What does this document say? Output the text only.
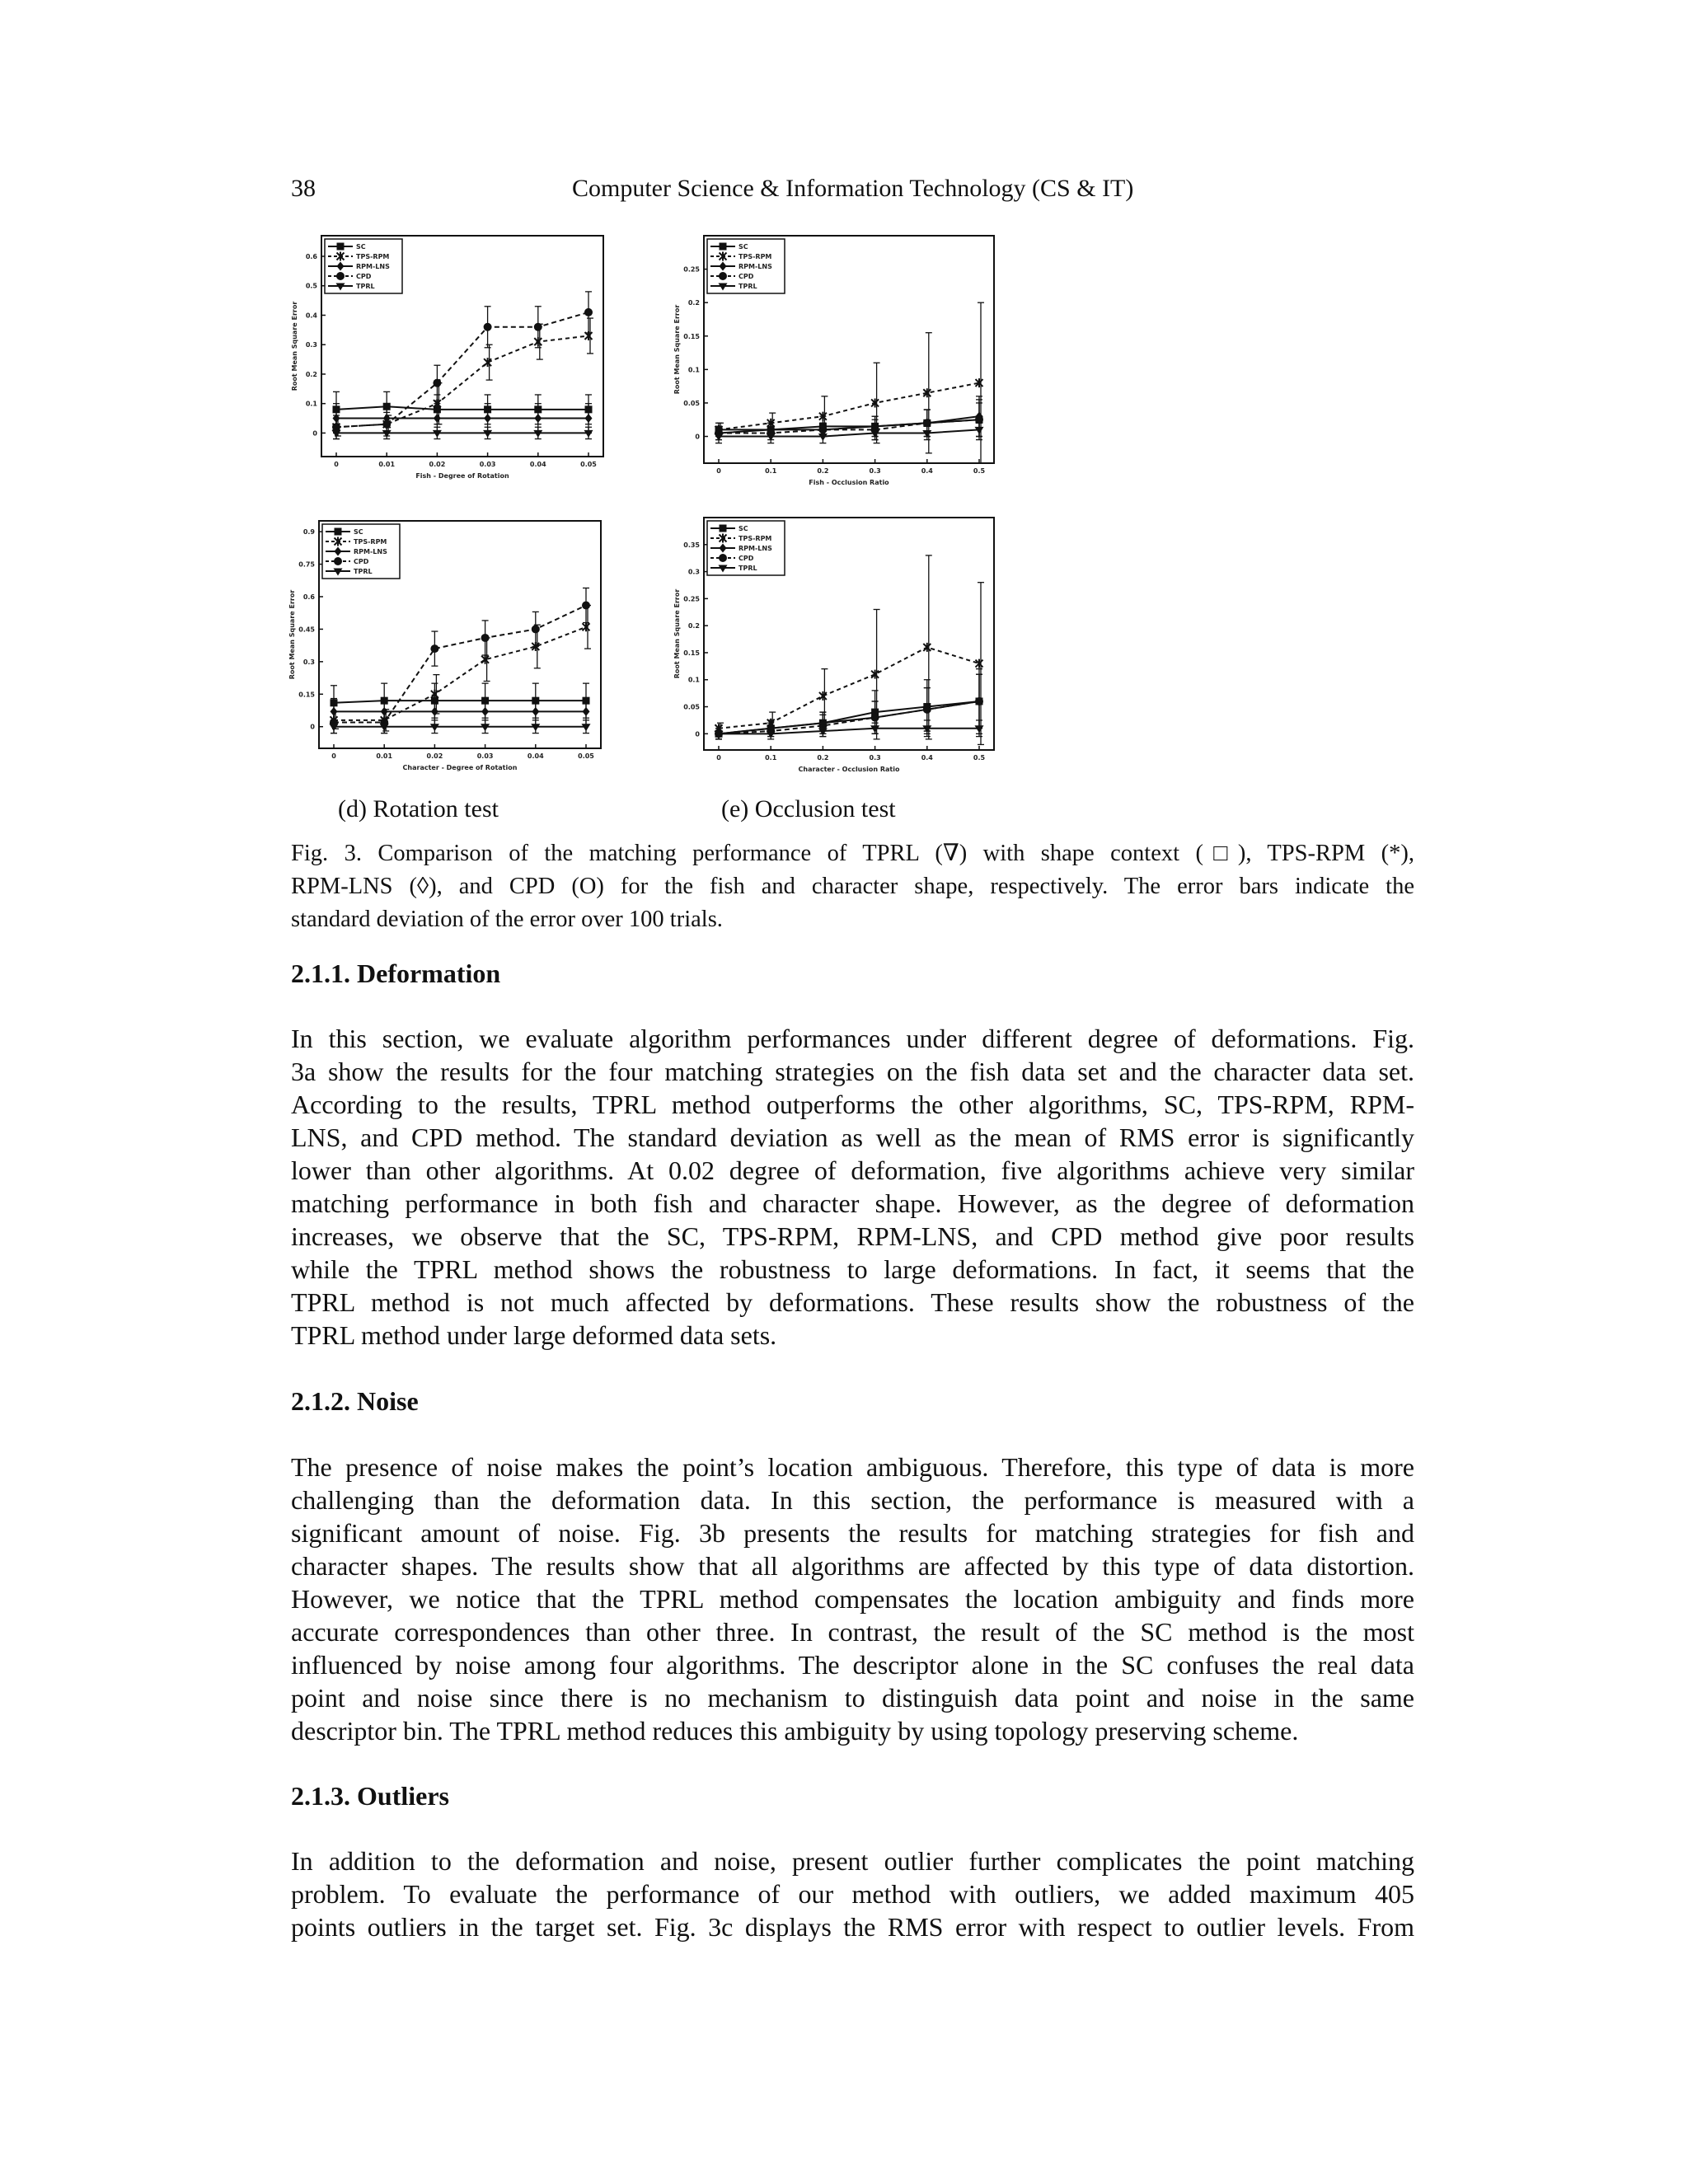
38	Computer Science & Information Technology (CS & IT)
0	0.01	0.02	0.03	0.04	0.05
0
0.1
0.2
0.3
0.4
0.5
0.6
Fish - Degree of Rotation
Root Mean Square Error
SC
TPS-RPM
RPM-LNS
CPD
TPRL
0	0.1	0.2	0.3	0.4	0.5
0
0.05
0.1
0.15
0.2
0.25
Fish - Occlusion Ratio
Root Mean Square Error
SC
TPS-RPM
RPM-LNS
CPD
TPRL
0	0.01	0.02	0.03	0.04	0.05
0
0.15
0.3
0.45
0.6
0.75
0.9
Character - Degree of Rotation
Root Mean Square Error
SC
TPS-RPM
RPM-LNS
CPD
TPRL
0	0.1	0.2	0.3	0.4	0.5
0
0.05
0.1
0.15
0.2
0.25
0.3
0.35
Character - Occlusion Ratio
Root Mean Square Error
SC
TPS-RPM
RPM-LNS
CPD
TPRL
(d) Rotation test	(e) Occlusion test
Fig. 3. Comparison of the matching performance of TPRL (∇) with shape context (□), TPS-RPM (*),
RPM-LNS (◊), and CPD (O) for the fish and character shape, respectively. The error bars indicate the
standard deviation of the error over 100 trials.
2.1.1. Deformation
In this section, we evaluate algorithm performances under different degree of deformations. Fig.
3a show the results for the four matching strategies on the fish data set and the character data set.
According to the results, TPRL method outperforms the other algorithms, SC, TPS-RPM, RPM-
LNS, and CPD method. The standard deviation as well as the mean of RMS error is significantly
lower than other algorithms. At 0.02 degree of deformation, five algorithms achieve very similar
matching performance in both fish and character shape. However, as the degree of deformation
increases, we observe that the SC, TPS-RPM, RPM-LNS, and CPD method give poor results
while the TPRL method shows the robustness to large deformations. In fact, it seems that the
TPRL method is not much affected by deformations. These results show the robustness of the
TPRL method under large deformed data sets.
2.1.2. Noise
The presence of noise makes the point’s location ambiguous. Therefore, this type of data is more
challenging than the deformation data. In this section, the performance is measured with a
significant amount of noise. Fig. 3b presents the results for matching strategies for fish and
character shapes. The results show that all algorithms are affected by this type of data distortion.
However, we notice that the TPRL method compensates the location ambiguity and finds more
accurate correspondences than other three. In contrast, the result of the SC method is the most
influenced by noise among four algorithms. The descriptor alone in the SC confuses the real data
point and noise since there is no mechanism to distinguish data point and noise in the same
descriptor bin. The TPRL method reduces this ambiguity by using topology preserving scheme.
2.1.3. Outliers
In addition to the deformation and noise, present outlier further complicates the point matching
problem. To evaluate the performance of our method with outliers, we added maximum 405
points outliers in the target set. Fig. 3c displays the RMS error with respect to outlier levels. From
